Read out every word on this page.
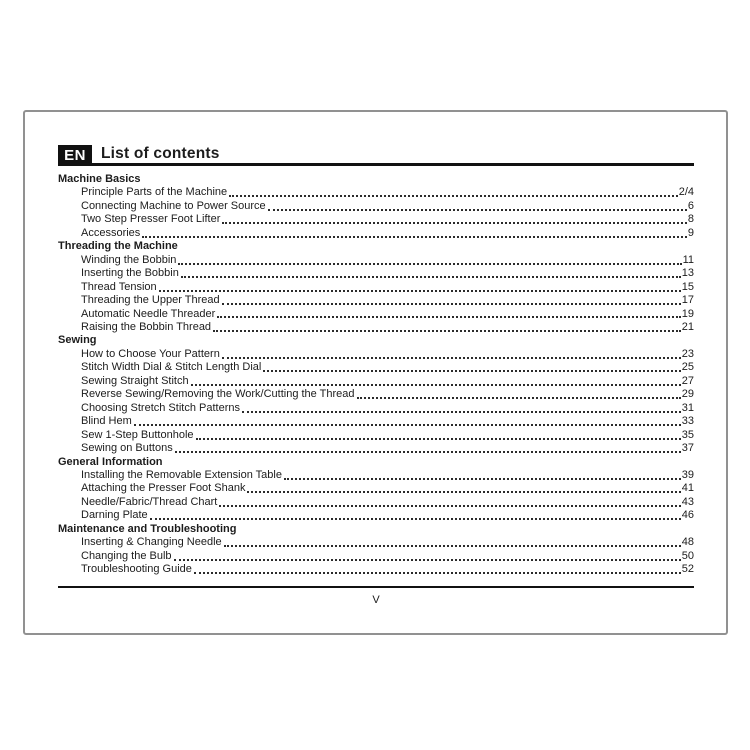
EN List of contents
Machine Basics
Principle Parts of the Machine	2/4
Connecting Machine to Power Source	6
Two Step Presser Foot Lifter	8
Accessories	9
Threading the Machine
Winding the Bobbin	11
Inserting the Bobbin	13
Thread Tension	15
Threading the Upper Thread	17
Automatic Needle Threader	19
Raising the Bobbin Thread	21
Sewing
How to Choose Your Pattern	23
Stitch Width Dial & Stitch Length Dial	25
Sewing Straight Stitch	27
Reverse Sewing/Removing the Work/Cutting the Thread	29
Choosing Stretch Stitch Patterns	31
Blind Hem	33
Sew 1-Step Buttonhole	35
Sewing on Buttons	37
General Information
Installing the Removable Extension Table	39
Attaching the Presser Foot Shank	41
Needle/Fabric/Thread Chart	43
Darning Plate	46
Maintenance and Troubleshooting
Inserting & Changing Needle	48
Changing the Bulb	50
Troubleshooting Guide	52
V
